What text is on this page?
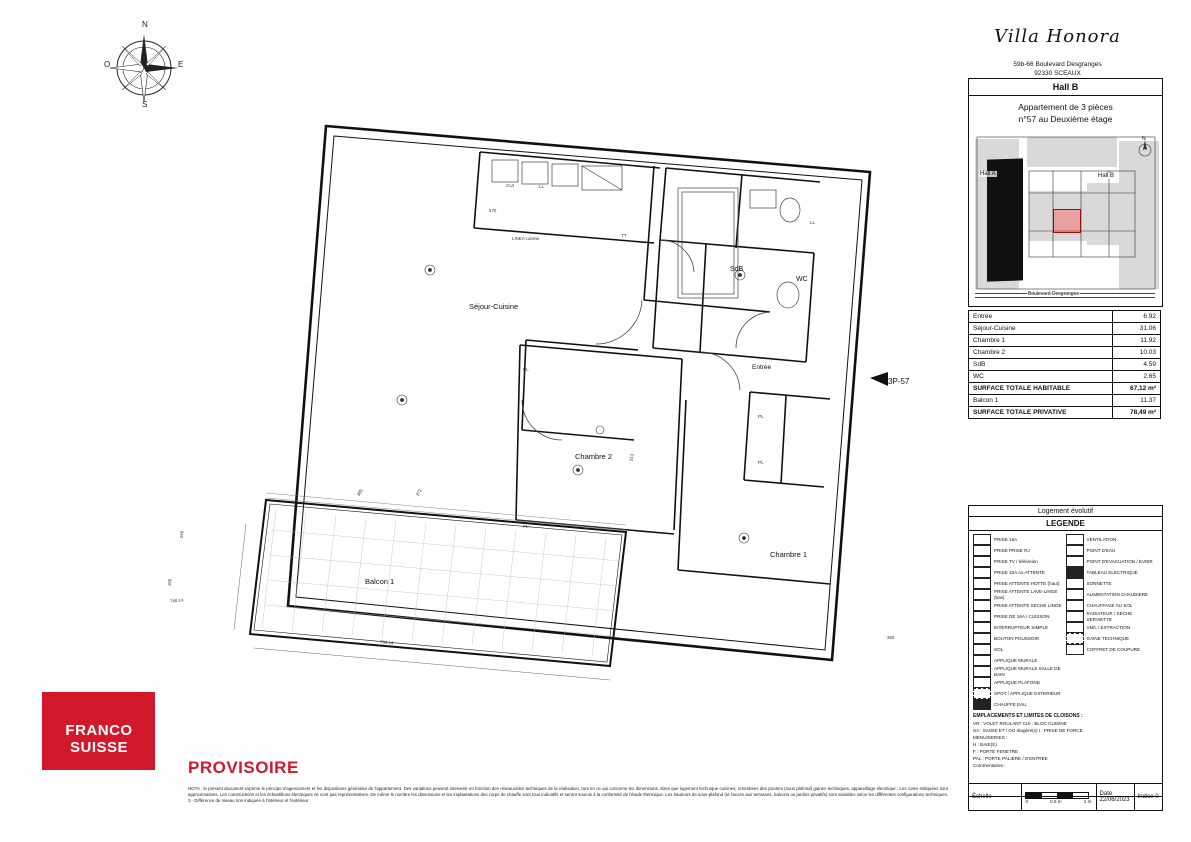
N
S
E
O
Villa Honora
59b-66 Boulevard Desgranges
92330 SCEAUX
Hall B
Appartement de 3 pièces
n°57 au Deuxième étage
Hall A	Hall B
Boulevard Desgranges
N
Entrée	6.92
Séjour-Cuisine	31.06
Chambre 1	11.92
Chambre 2	10.03
SdB	4.59
WC	2.65
SURFACE TOTALE HABITABLE	67,12 m²
Balcon 1	11.37
SURFACE TOTALE PRIVATIVE	78,49 m²
Logement évolutif
LEGENDE
PRISE 16A
PRISE PRISE RJ
PRISE TV / télévision
PRISE 32A ou ATTENTE
PRISE ATTENTE HOTTE (haut)
PRISE ATTENTE LAVE-LINGE (bas)
PRISE ATTENTE SECHE LINGE
PRISE DE 16A / CUISSON
INTERRUPTEUR SIMPLE
BOUTON POUSSOIR
SOL
APPLIQUE MURALE
APPLIQUE MURALE SALLE DE BAIN
APPLIQUE PLAFOND
SPOT / APPLIQUE EXTERIEUR
CHAUFFE EAU
VENTILATION
POINT D'EAU
POINT D'EVACUATION / EVIER
TABLEAU ELECTRIQUE
SONNETTE
ALIMENTATION CHAUDIERE
CHAUFFAGE AU SOL
RADIATEUR / SECHE SERVIETTE
VMC / EXTRACTION
GAINE TECHNIQUE
COFFRET DE COUPURE
EMPLACEMENTS ET LIMITES DE CLOISONS :
VR : VOLET ROULANT CUI : BLOC CUISINE
SA : SAISIE ET / OU étagère(s) I : PRISE DE FORCE
MENUISERIES :
H : BAIE(S)
F : PORTE FENETRE
PAL : PORTE PALIERE / D'ENTREE
Commentaires :
Échelle
0	0,5 m	1 m
Date
22/06/2023 Indice 0
FRANCO
SUISSE
PROVISOIRE
NOTA : le présent document exprime le principe d'agencement et les dispositions générales de l'appartement. Des variations peuvent intervenir en fonction des réseaux/des techniques de la réalisation, tant en ce qui concerne les dimensions, titres que logement technique cuisines, retombées des poutres (sous plafond) gaines techniques, appareillage électrique ; Les cotes indiquées sont approximatives. Les constructions et les échantillons électriques ne sont pas représentatives. De même le nombre les dimensions et les implantations des corps de chauffe sont tous indicatifs et seront soumis à la conformité de l'étude thermique. Les hauteurs de sous-plafond (et l'accès aux terrasses, balcons ou jardins privatifs) sont variables selon les différentes configurations techniques. 3 - Différence de niveau non indiquée à l'intérieur et l'extérieur
Séjour-Cuisine
Entrée
Chambre 2
Chambre 1
Balcon 1
SdB
WC
CUI	LL
TT
LL
PL
PL
PL
PL
570
LINEA cuisine
360
185
246
760.14
760.14
385	372
313
3P-57
